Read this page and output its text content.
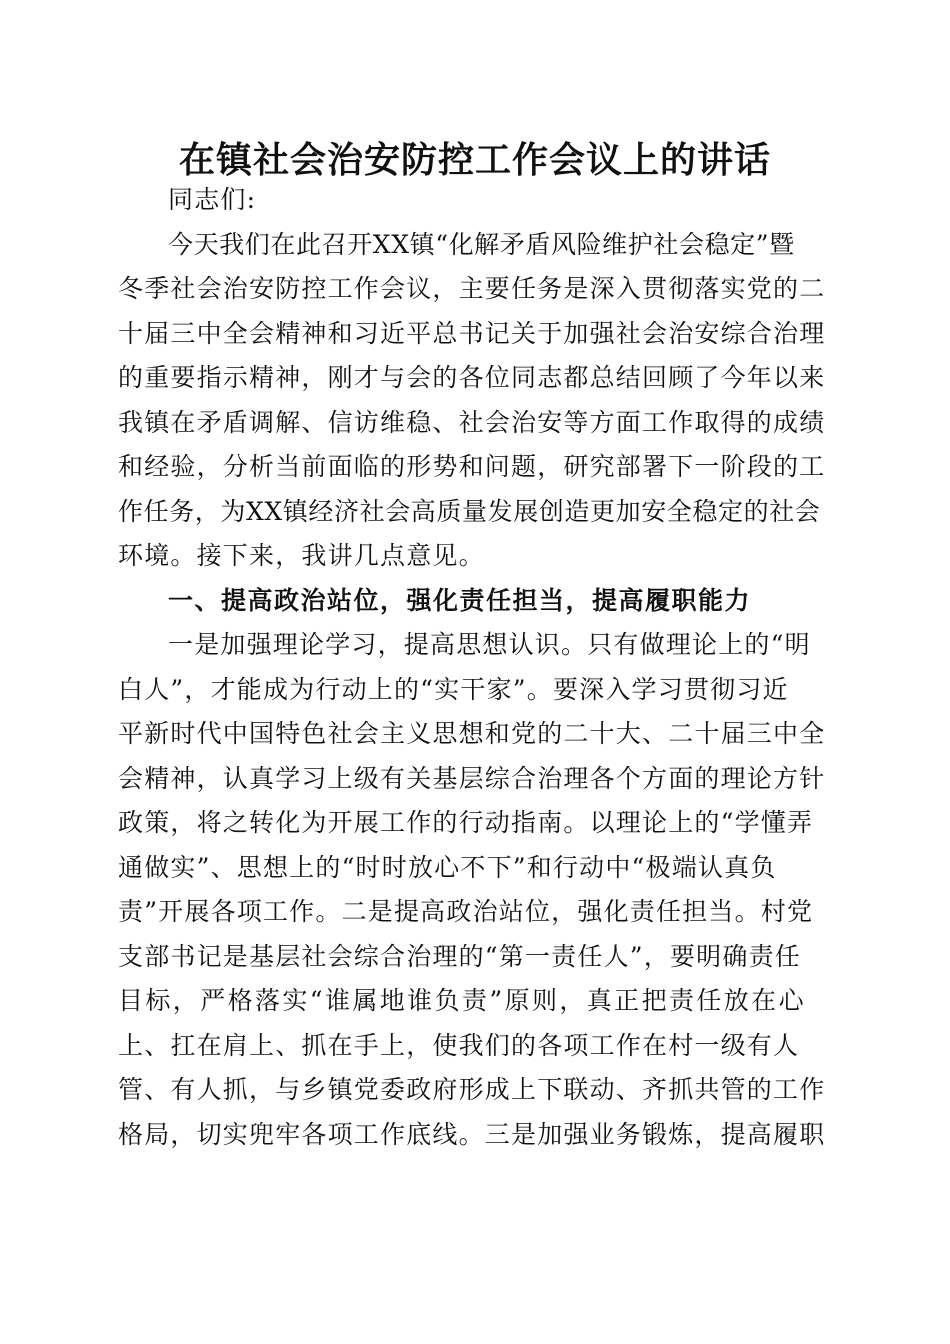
在镇社会治安防控工作会议上的讲话
同志们:
今天我们在此召开XX镇“化解矛盾风险维护社会稳定”暨
冬季社会治安防控工作会议，主要任务是深入贯彻落实党的二
十届三中全会精神和习近平总书记关于加强社会治安综合治理
的重要指示精神，刚才与会的各位同志都总结回顾了今年以来
我镇在矛盾调解、信访维稳、社会治安等方面工作取得的成绩
和经验，分析当前面临的形势和问题，研究部署下一阶段的工
作任务，为XX镇经济社会高质量发展创造更加安全稳定的社会
环境。接下来，我讲几点意见。
一、提高政治站位，强化责任担当，提高履职能力
一是加强理论学习，提高思想认识。只有做理论上的“明
白人”，才能成为行动上的“实干家”。要深入学习贯彻习近
平新时代中国特色社会主义思想和党的二十大、二十届三中全
会精神，认真学习上级有关基层综合治理各个方面的理论方针
政策，将之转化为开展工作的行动指南。以理论上的“学懂弄
通做实”、思想上的“时时放心不下”和行动中“极端认真负
责”开展各项工作。二是提高政治站位，强化责任担当。村党
支部书记是基层社会综合治理的“第一责任人”，要明确责任
目标，严格落实“谁属地谁负责”原则，真正把责任放在心
上、扛在肩上、抓在手上，使我们的各项工作在村一级有人
管、有人抓，与乡镇党委政府形成上下联动、齐抓共管的工作
格局，切实兜牢各项工作底线。三是加强业务锻炼，提高履职
